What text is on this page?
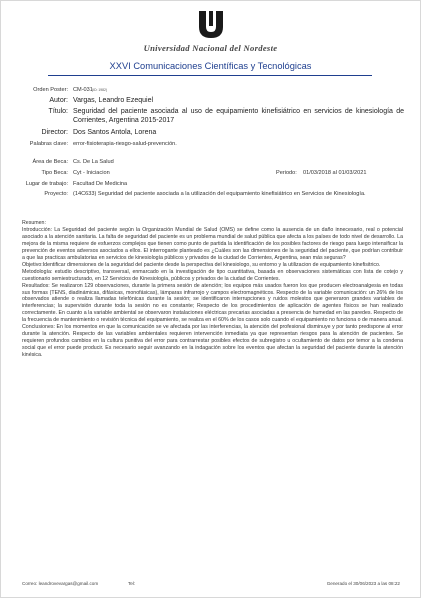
Universidad Nacional del Nordeste
XXVI Comunicaciones Científicas y Tecnológicas
Orden Poster: CM-031 (ID: 1982)
Autor: Vargas, Leandro Ezequiel
Título: Seguridad del paciente asociada al uso de equipamiento kinefisiátrico en servicios de kinesiología de Corrientes, Argentina 2015-2017
Director: Dos Santos Antola, Lorena
Palabras clave: error-fisioterapia-riesgo-salud-prevención.
Área de Beca: Cs. De La Salud
Tipo Beca: Cyt - Iniciacion	Periodo: 01/03/2018 al 01/03/2021
Lugar de trabajo: Facultad De Medicina
Proyecto: (14C633) Seguridad del paciente asociada a la utilización del equipamiento kinefisiátrico en Servicios de Kinesiología.

Resumen:

Introducción: La Seguridad del paciente según la Organización Mundial de Salud (OMS) se define como la ausencia de un daño innecesario, real o potencial asociado a la atención sanitaria. La falta de seguridad del paciente es un problema mundial de salud pública que afecta a los países de todo nivel de desarrollo. La mejora de la misma requiere de esfuerzos complejos que tienen como punto de partida la identificación de los posibles factores de riesgo para luego intensificar la prevención de eventos adversos asociados a ellos. El interrogante planteado es ¿Cuáles son las dimensiones de la seguridad del paciente, que podrían contribuir a que las practicas ambulatorias en servicios de kinesiología públicos y privados de la ciudad de Corrientes, Argentina, sean más seguras?

Objetivo:Identificar dimensiones de la seguridad del paciente desde la perspectiva del kinesiologo, su entorno y la utilizacion de equipamiento kinefisitrico.

Metodología: estudio descriptivo, transversal, enmarcado en la investigación de tipo cuantitativa, basada en observaciones sistemáticas con lista de cotejo y cuestionario semiestructurado, en 12 Servicios de Kinesiología, públicos y privados de la ciudad de Corrientes.

Resultados: Se realizaron 129 observaciones, durante la primera sesión de atención; los equipos más usados fueron los que producen electroanalgesia en todas sus formas (TENS, diadinámicas, difásicas, monofásicas), lámparas infrarrojo y campos electromagnéticos. Respecto de la variable comunicación: un 26% de los observados atiende o realiza llamadas telefónicas durante la sesión; se identificaron interrupciones y ruidos molestos que generaron grandes variables de interferencias; la supervisión durante toda la sesión no es constante; Respecto de los procedimientos de aplicación de agentes físicos se han realizado correctamente. En cuanto a la variable ambiental se observaron instalaciones eléctricas precarias asociadas a presencia de humedad en las paredes. Respecto de la frecuencia de mantenimiento o revisión técnica del equipamiento, se realiza en el 60% de los casos solo cuando el equipamiento no funciona o de manera anual.

Conclusiones: En los momentos en que la comunicación se ve afectada por las interferencias, la atención del profesional disminuye y por tanto predispone al error durante la atención. Respecto de las variables ambientales requieren intervención inmediata ya que representan riesgos para la atención de pacientes. Se requieren profundos cambios en la cultura punitiva del error para contrarrestar posibles efectos de subregistro u ocultamiento de datos por temor a la condena social que el error puede producir. Es necesario seguir avanzando en la indagación sobre los eventos que afectan la seguridad del paciente durante la atención kinésica.

Correo: leandrovevargas@gmail.com	Tel:	Generado el 30/06/2023 a las 08:22
